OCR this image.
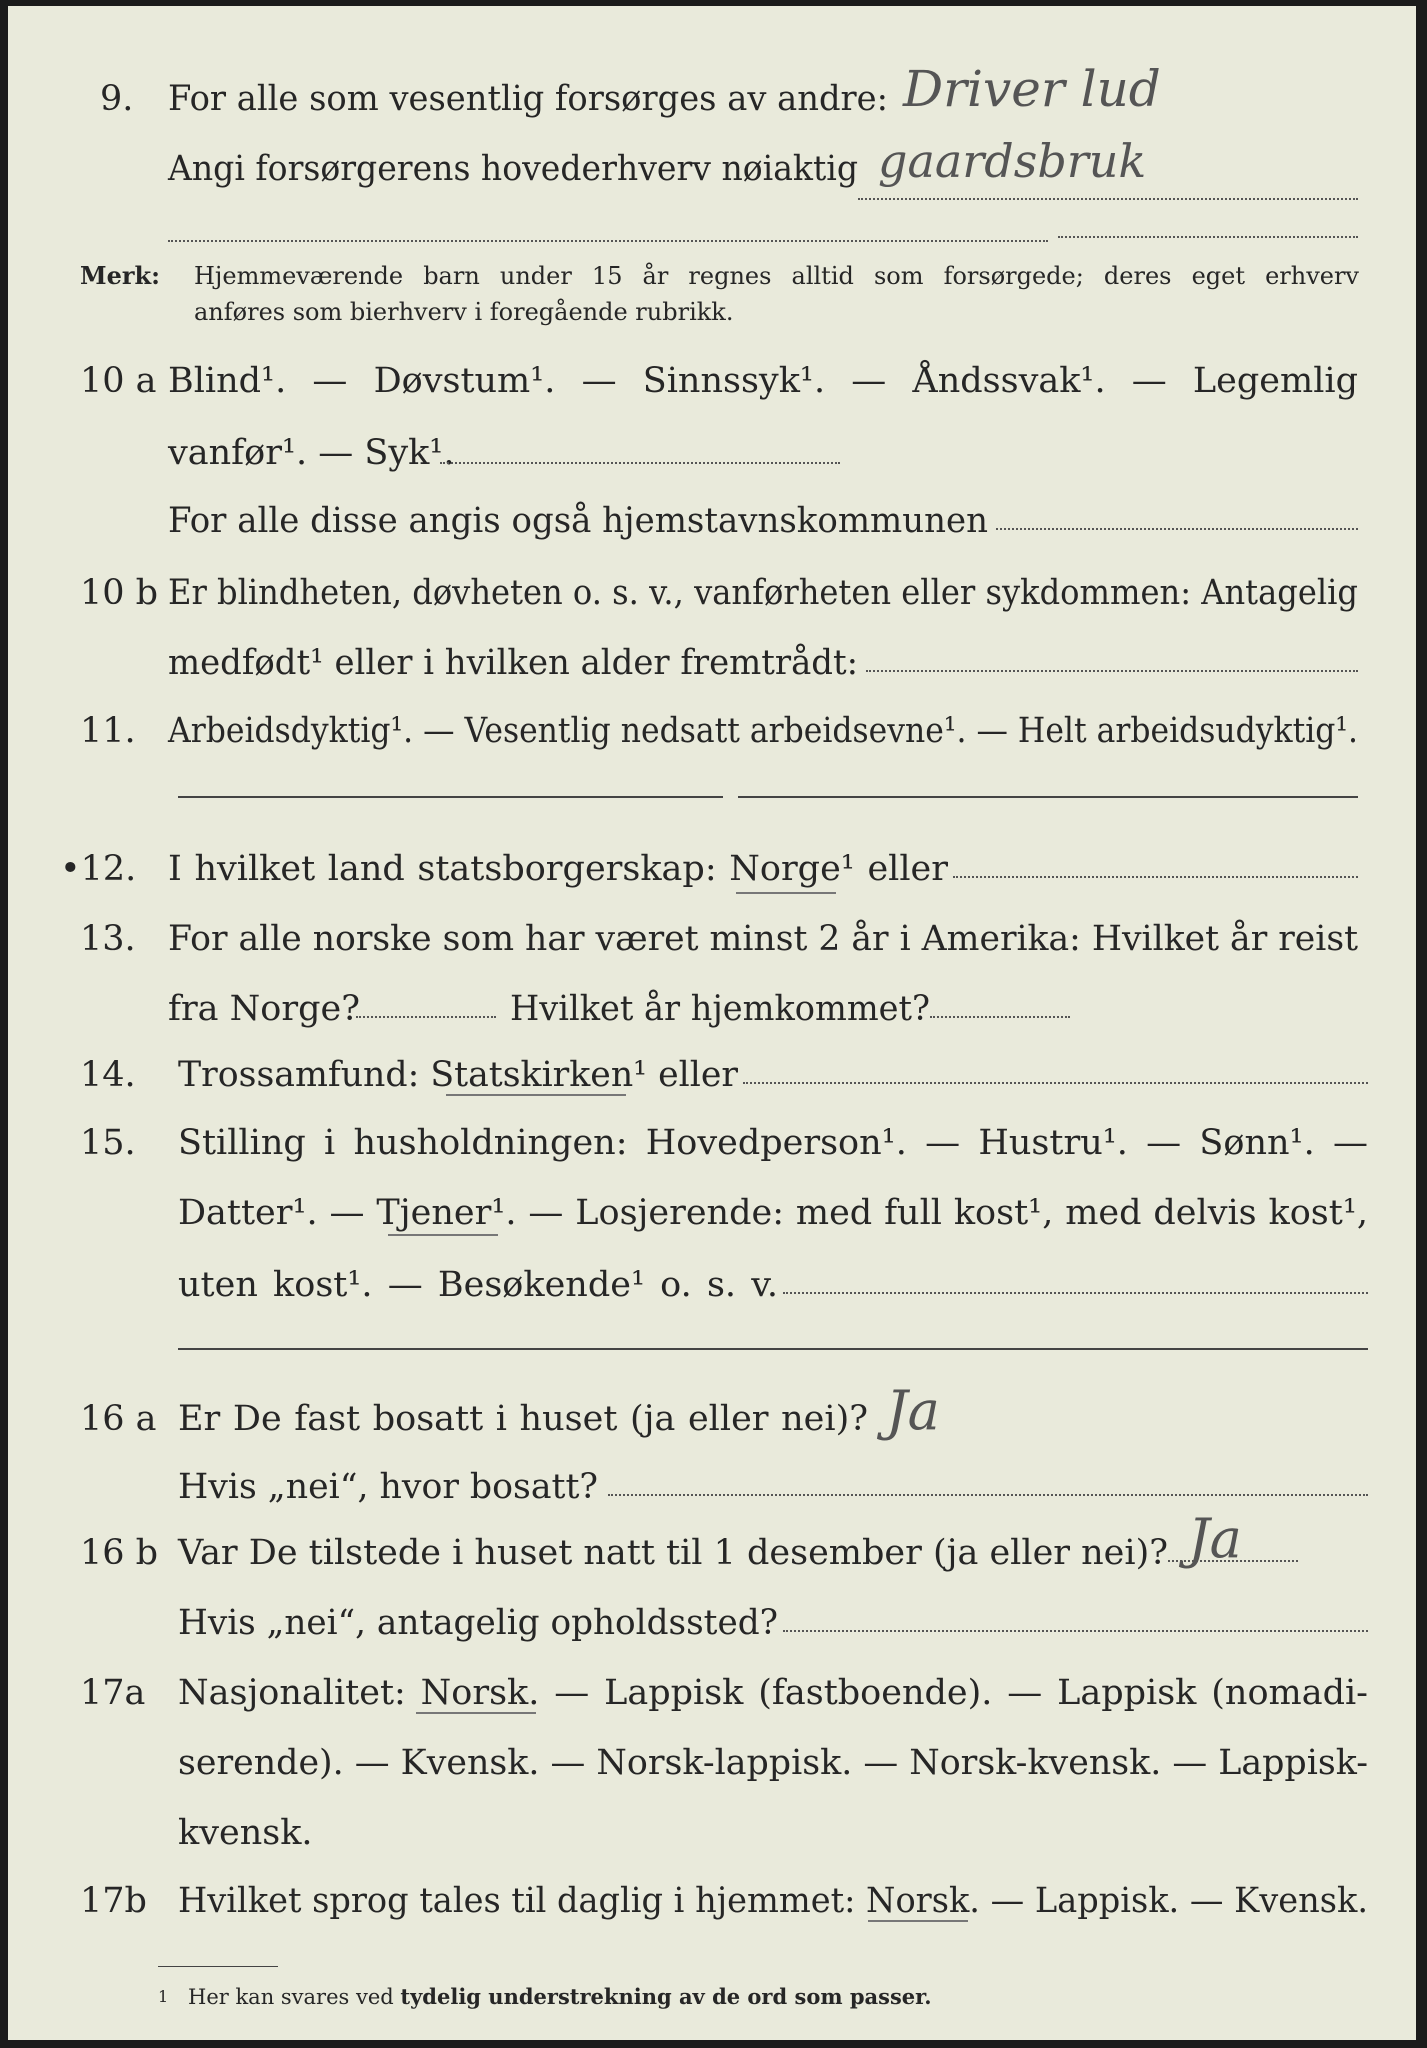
9. For alle som vesentlig forsørges av andre: Driver lud
Angi forsørgerens hovederhverv nøiaktig gaardsbruk
Merk: Hjemmeværende barn under 15 år regnes alltid som forsørgede; deres eget erhverv
anføres som bierhverv i foregående rubrikk.
10 a Blind¹. — Døvstum¹. — Sinnssyk¹. — Åndssvak¹. — Legemlig
vanfør¹. — Syk¹.
For alle disse angis også hjemstavnskommunen
10 b Er blindheten, døvheten o. s. v., vanførheten eller sykdommen: Antagelig
medfødt¹ eller i hvilken alder fremtrådt:
11. Arbeidsdyktig¹. — Vesentlig nedsatt arbeidsevne¹. — Helt arbeidsudyktig¹.
•12. I hvilket land statsborgerskap: Norge¹ eller
13. For alle norske som har været minst 2 år i Amerika: Hvilket år reist
fra Norge?	Hvilket år hjemkommet?
14. Trossamfund: Statskirken¹ eller
15. Stilling i husholdningen: Hovedperson¹. — Hustru¹. — Sønn¹. —
Datter¹. — Tjener¹. — Losjerende: med full kost¹, med delvis kost¹,
uten kost¹. — Besøkende¹ o. s. v.
16 a Er De fast bosatt i huset (ja eller nei)? Ja
Hvis „nei“, hvor bosatt?
16 b Var De tilstede i huset natt til 1 desember (ja eller nei)? Ja
Hvis „nei“, antagelig opholdssted?
17a Nasjonalitet: Norsk. — Lappisk (fastboende). — Lappisk (nomadi-
serende). — Kvensk. — Norsk-lappisk. — Norsk-kvensk. — Lappisk-
kvensk.
17b Hvilket sprog tales til daglig i hjemmet: Norsk. — Lappisk. — Kvensk.
1 Her kan svares ved tydelig understrekning av de ord som passer.
